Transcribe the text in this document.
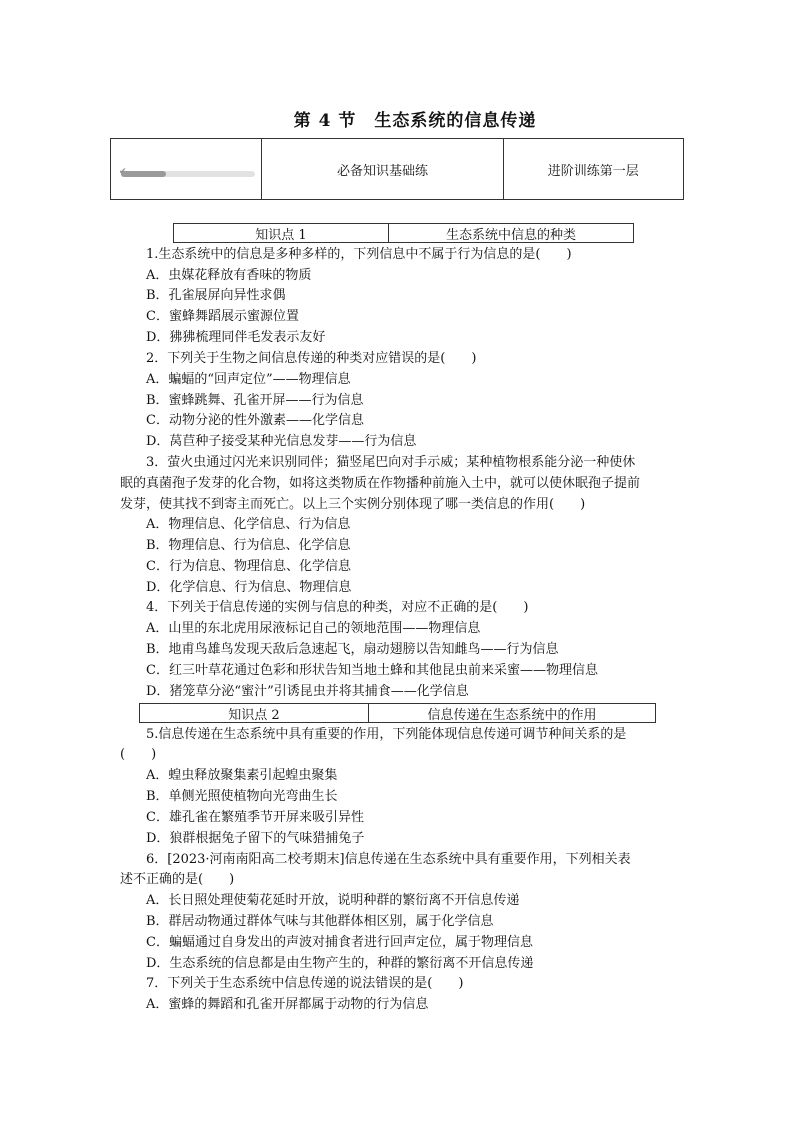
第 4 节　生态系统的信息传递
✔	必备知识基础练	进阶训练第一层
知识点 1	生态系统中信息的种类
1.生态系统中的信息是多种多样的，下列信息中不属于行为信息的是(　　)
A．虫媒花释放有香味的物质
B．孔雀展屏向异性求偶
C．蜜蜂舞蹈展示蜜源位置
D．狒狒梳理同伴毛发表示友好
2．下列关于生物之间信息传递的种类对应错误的是(　　)
A．蝙蝠的“回声定位”——物理信息
B．蜜蜂跳舞、孔雀开屏——行为信息
C．动物分泌的性外激素——化学信息
D．莴苣种子接受某种光信息发芽——行为信息
3．萤火虫通过闪光来识别同伴；猫竖尾巴向对手示威；某种植物根系能分泌一种使休
眠的真菌孢子发芽的化合物，如将这类物质在作物播种前施入土中，就可以使休眠孢子提前
发芽，使其找不到寄主而死亡。以上三个实例分别体现了哪一类信息的作用(　　)
A．物理信息、化学信息、行为信息
B．物理信息、行为信息、化学信息
C．行为信息、物理信息、化学信息
D．化学信息、行为信息、物理信息
4．下列关于信息传递的实例与信息的种类，对应不正确的是(　　)
A．山里的东北虎用尿液标记自己的领地范围——物理信息
B．地甫鸟雄鸟发现天敌后急速起飞，扇动翅膀以告知雌鸟——行为信息
C．红三叶草花通过色彩和形状告知当地土蜂和其他昆虫前来采蜜——物理信息
D．猪笼草分泌“蜜汁”引诱昆虫并将其捕食——化学信息
知识点 2	信息传递在生态系统中的作用
5.信息传递在生态系统中具有重要的作用，下列能体现信息传递可调节种间关系的是
(　　)
A．蝗虫释放聚集素引起蝗虫聚集
B．单侧光照使植物向光弯曲生长
C．雄孔雀在繁殖季节开屏来吸引异性
D．狼群根据兔子留下的气味猎捕兔子
6．[2023·河南南阳高二校考期末]信息传递在生态系统中具有重要作用，下列相关表
述不正确的是(　　)
A．长日照处理使菊花延时开放，说明种群的繁衍离不开信息传递
B．群居动物通过群体气味与其他群体相区别，属于化学信息
C．蝙蝠通过自身发出的声波对捕食者进行回声定位，属于物理信息
D．生态系统的信息都是由生物产生的，种群的繁衍离不开信息传递
7．下列关于生态系统中信息传递的说法错误的是(　　)
A．蜜蜂的舞蹈和孔雀开屏都属于动物的行为信息
